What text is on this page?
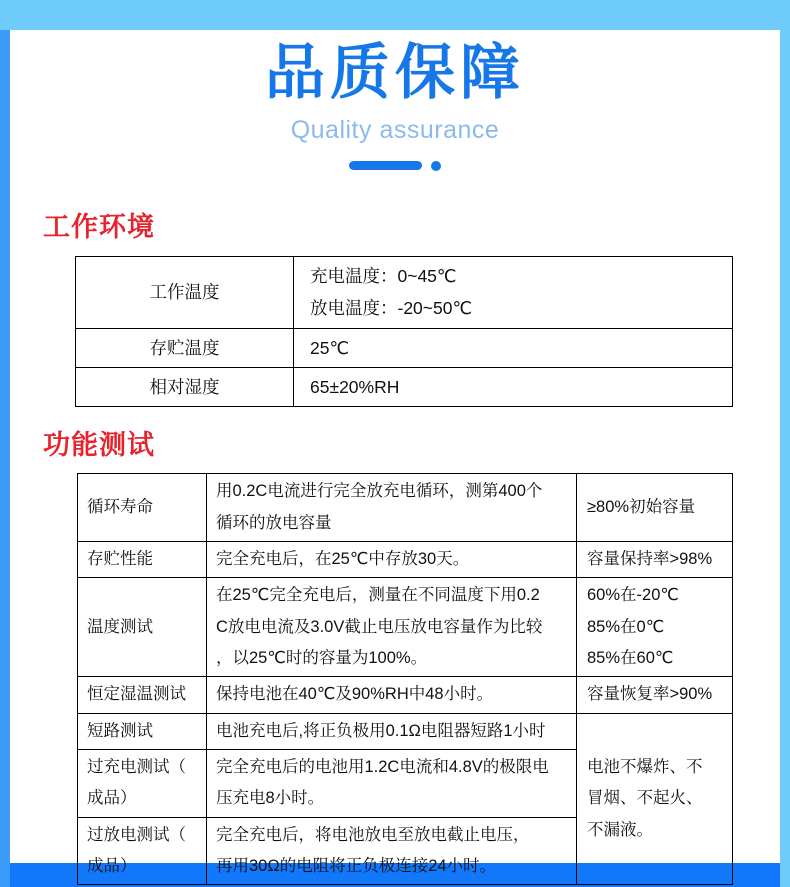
品质保障
Quality assurance
工作环境
工作温度	充电温度：0~45℃
放电温度：-20~50℃

存贮温度	25℃
相对湿度	65±20%RH
功能测试
循环寿命	用0.2C电流进行完全放充电循环，测第400个
循环的放电容量	≥80%初始容量
存贮性能	完全充电后，在25℃中存放30天。	容量保持率>98%
温度测试	在25℃完全充电后，测量在不同温度下用0.2
C放电电流及3.0V截止电压放电容量作为比较
，以25℃时的容量为100%。	60%在-20℃
85%在0℃
85%在60℃

恒定湿温测试	保持电池在40℃及90%RH中48小时。	容量恢复率>90%
短路测试	电池充电后,将正负极用0.1Ω电阻器短路1小时	电池不爆炸、不
冒烟、不起火、
不漏液。

过充电测试（
成品）	完全充电后的电池用1.2C电流和4.8V的极限电
压充电8小时。	

过放电测试（
成品）	完全充电后，将电池放电至放电截止电压，
再用30Ω的电阻将正负极连接24小时。	
